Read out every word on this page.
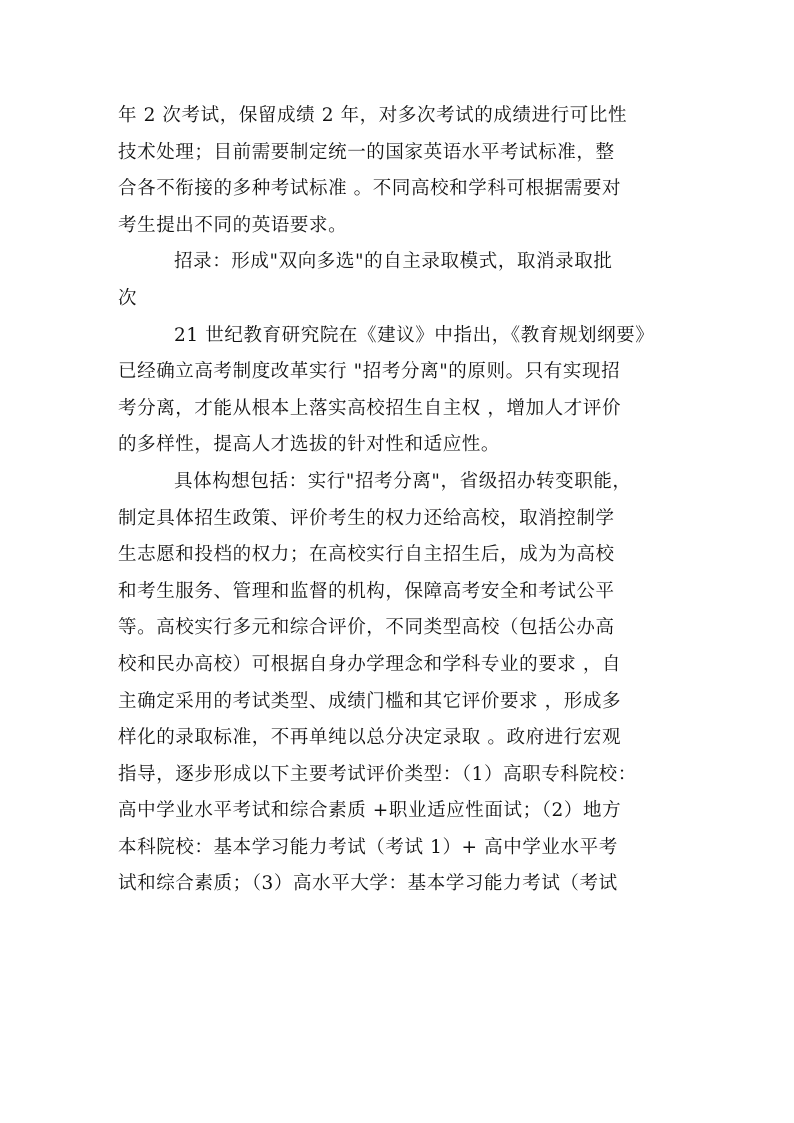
年 2 次考试，保留成绩 2 年，对多次考试的成绩进行可比性
技术处理；目前需要制定统一的国家英语水平考试标准，整
合各不衔接的多种考试标准 。不同高校和学科可根据需要对
考生提出不同的英语要求。
招录：形成"双向多选"的自主录取模式，取消录取批
次
21 世纪教育研究院在《建议》中指出，《教育规划纲要》
已经确立高考制度改革实行 "招考分离"的原则。只有实现招
考分离，才能从根本上落实高校招生自主权 ，增加人才评价
的多样性，提高人才选拔的针对性和适应性。
具体构想包括：实行"招考分离"，省级招办转变职能，
制定具体招生政策、评价考生的权力还给高校，取消控制学
生志愿和投档的权力；在高校实行自主招生后，成为为高校
和考生服务、管理和监督的机构，保障高考安全和考试公平
等。高校实行多元和综合评价，不同类型高校（包括公办高
校和民办高校）可根据自身办学理念和学科专业的要求 ，自
主确定采用的考试类型、成绩门槛和其它评价要求 ，形成多
样化的录取标准，不再单纯以总分决定录取 。政府进行宏观
指导，逐步形成以下主要考试评价类型：（1）高职专科院校：
高中学业水平考试和综合素质 +职业适应性面试；（2）地方
本科院校：基本学习能力考试（考试 1）+ 高中学业水平考
试和综合素质；（3）高水平大学：基本学习能力考试（考试
